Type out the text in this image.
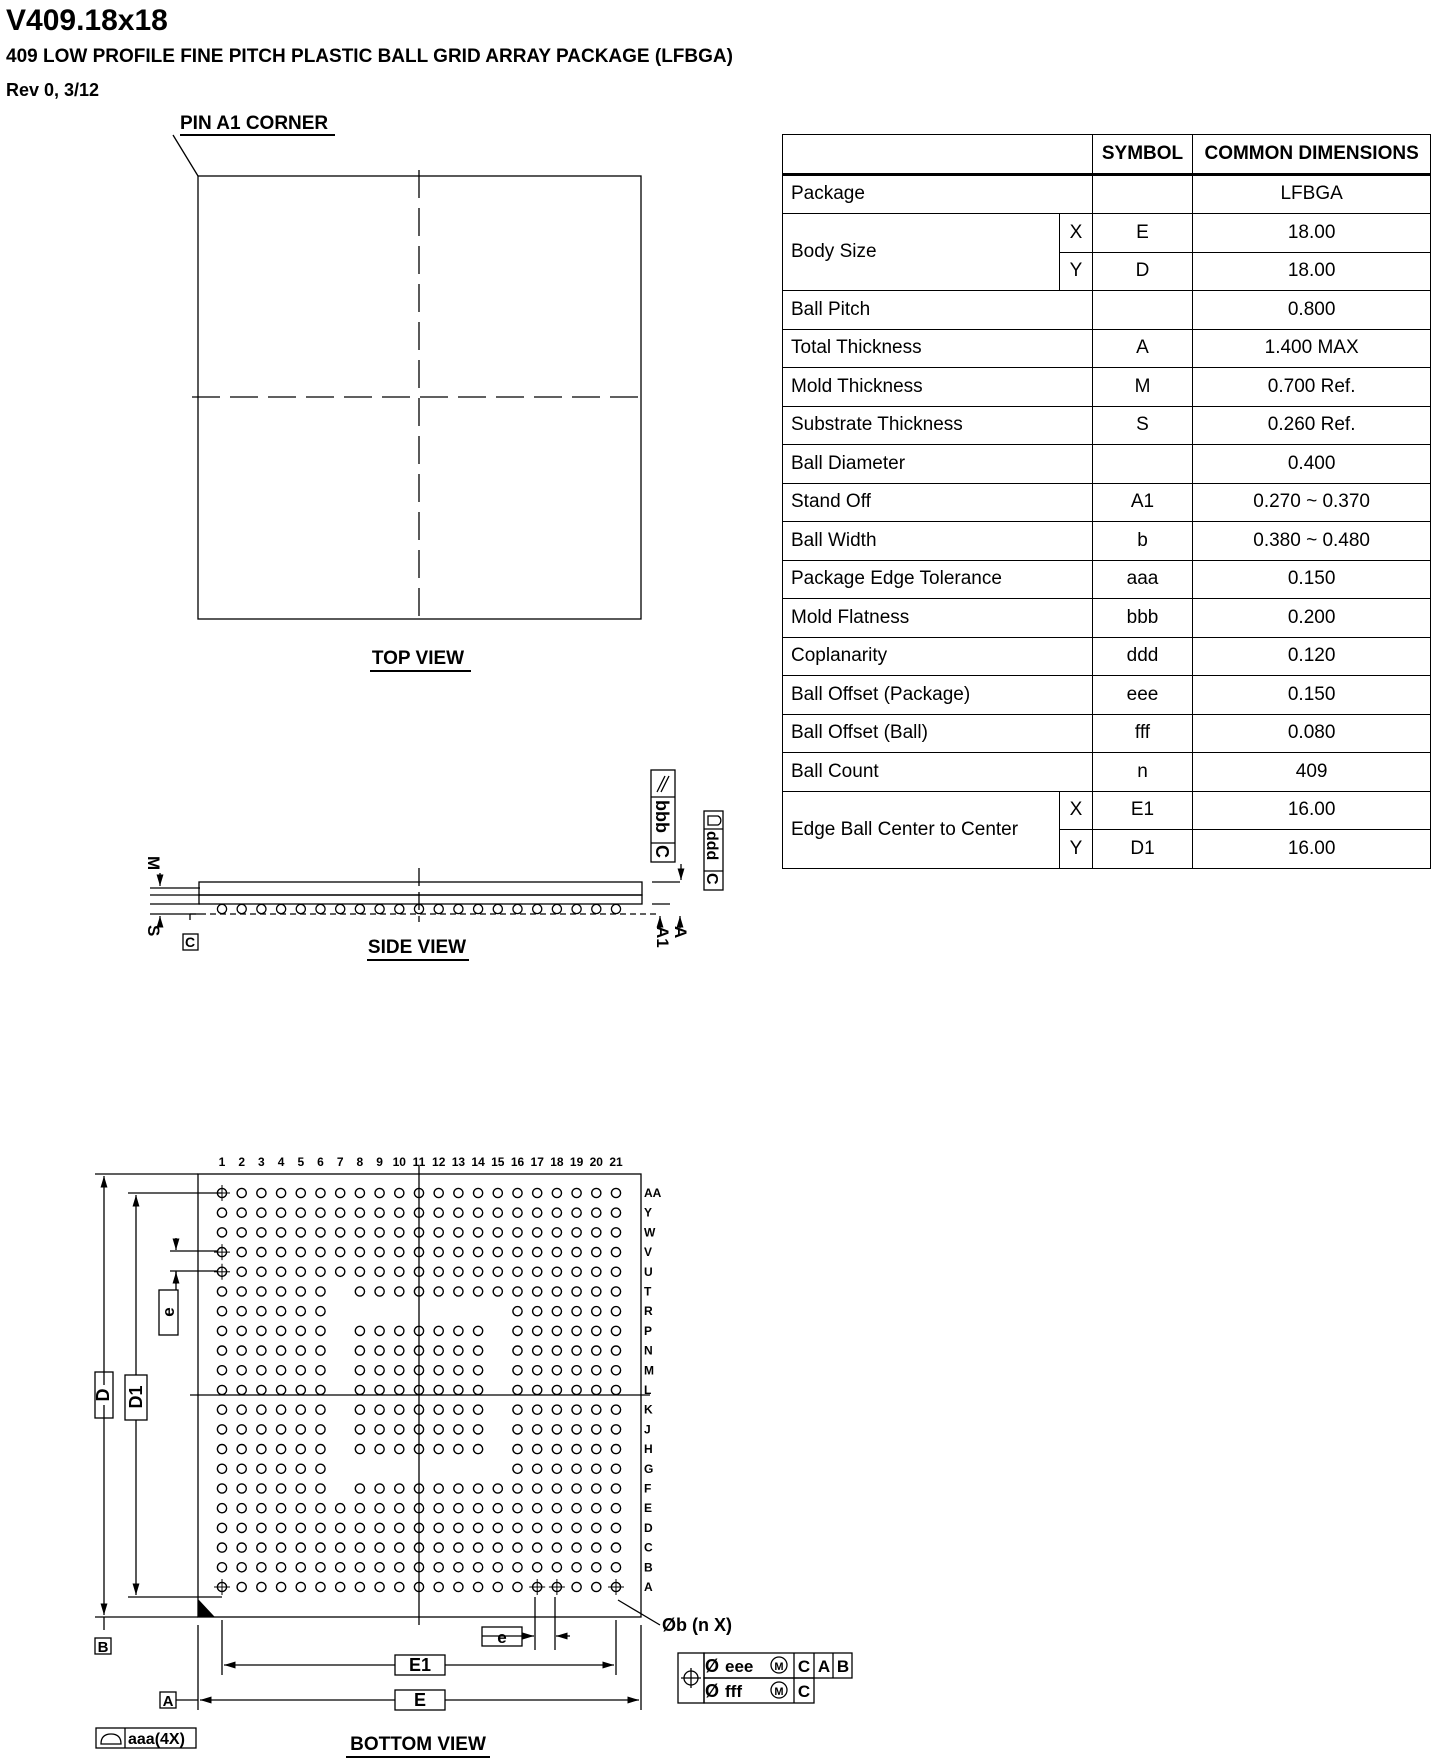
V409.18x18
409 LOW PROFILE FINE PITCH PLASTIC BALL GRID ARRAY PACKAGE (LFBGA)
Rev 0, 3/12
PIN A1 CORNER
TOP VIEW
M
S
C	A1 A
bbb
C ddd
C
SIDE VIEW
1 2 3 4 5 6 7 8 9 10 11 12 13 14 15 16 17 18 19 20 21
AA
Y
W
V
U
T
R
P
N
M
L
K
J
H
G
F
E
D
C
B
A
D D1
e
B
e
E1
E
A
Øb (n X)
Ø eee M C A B
Ø fff	M C
aaa(4X)	BOTTOM VIEW
		SYMBOL	COMMON DIMENSIONS
Package			LFBGA
Body Size	X	E	18.00
	Y	D	18.00
Ball Pitch			0.800
Total Thickness		A	1.400 MAX
Mold Thickness		M	0.700 Ref.
Substrate Thickness		S	0.260 Ref.
Ball Diameter			0.400
Stand Off		A1	0.270 ~ 0.370
Ball Width		b	0.380 ~ 0.480
Package Edge Tolerance		aaa	0.150
Mold Flatness		bbb	0.200
Coplanarity		ddd	0.120
Ball Offset (Package)		eee	0.150
Ball Offset (Ball)		fff	0.080
Ball Count		n	409
Edge Ball Center to Center	X	E1	16.00
	Y	D1	16.00
